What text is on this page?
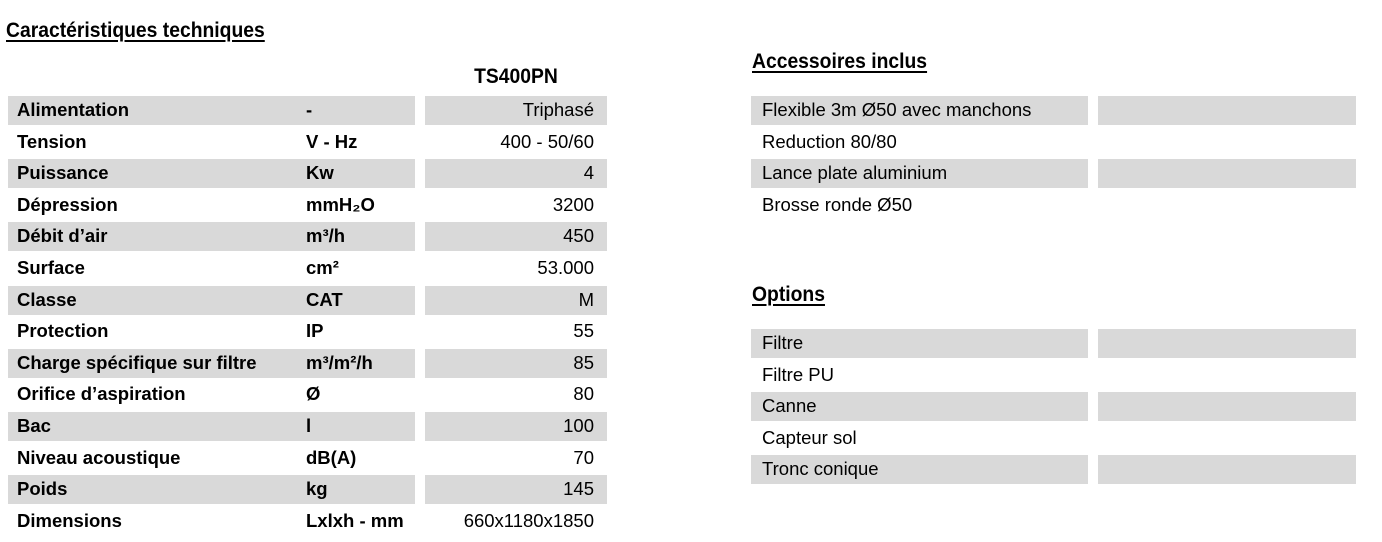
Caractéristiques techniques
TS400PN
Alimentation	-	Triphasé
Tension	V - Hz	400 - 50/60
Puissance	Kw	4
Dépression	mmH₂O	3200
Débit d’air	m³/h	450
Surface	cm²	53.000
Classe	CAT	M
Protection	IP	55
Charge spécifique sur filtre	m³/m²/h	85
Orifice d’aspiration	Ø	80
Bac	l	100
Niveau acoustique	dB(A)	70
Poids	kg	145
Dimensions	Lxlxh - mm	660x1180x1850
Accessoires inclus
Flexible 3m Ø50 avec manchons
Reduction 80/80
Lance plate aluminium
Brosse ronde Ø50
Options
Filtre
Filtre PU
Canne
Capteur sol
Tronc conique
